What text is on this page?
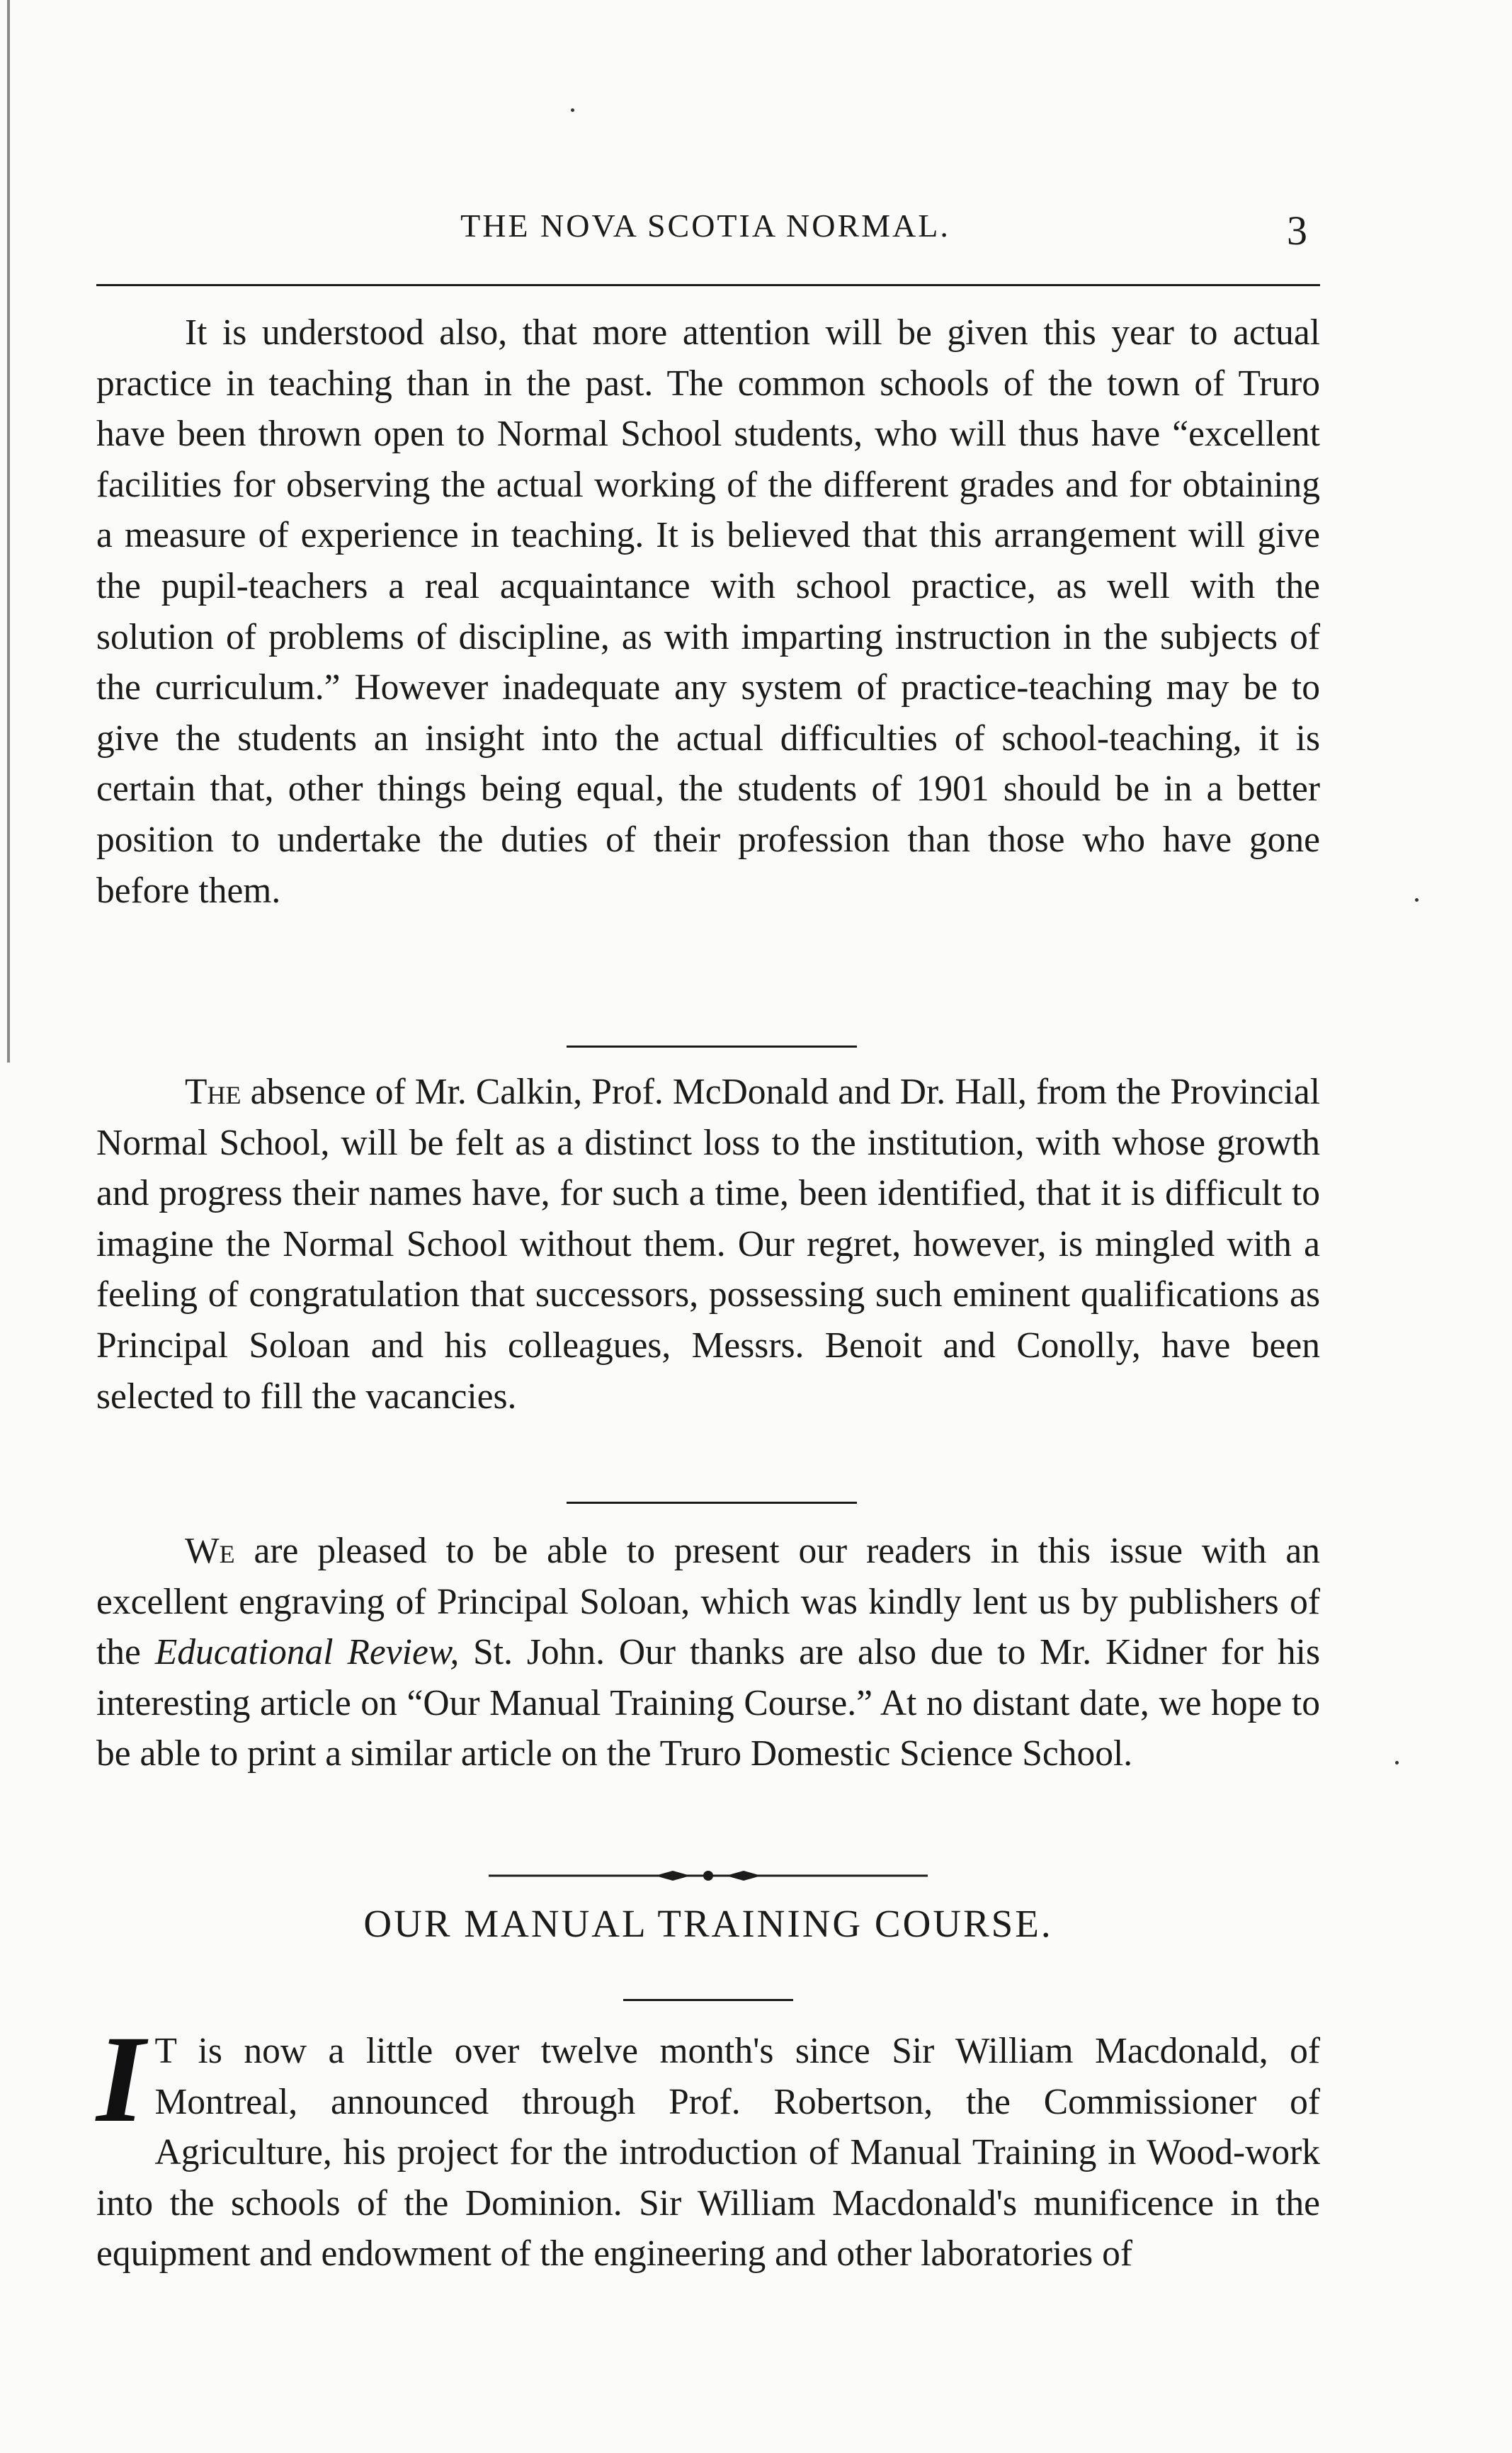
THE NOVA SCOTIA NORMAL.	3

It is understood also, that more attention will be given this year to actual practice in teaching than in the past. The common schools of the town of Truro have been thrown open to Normal School students, who will thus have “excellent facilities for observing the actual working of the different grades and for obtaining a measure of experience in teaching. It is believed that this arrangement will give the pupil-teachers a real acquaintance with school practice, as well with the solution of problems of discipline, as with imparting instruction in the subjects of the curriculum.” However inadequate any system of practice-teaching may be to give the students an insight into the actual difficulties of school-teaching, it is certain that, other things being equal, the students of 1901 should be in a better position to undertake the duties of their profession than those who have gone before them.

The absence of Mr. Calkin, Prof. McDonald and Dr. Hall, from the Provincial Normal School, will be felt as a distinct loss to the institution, with whose growth and progress their names have, for such a time, been identified, that it is difficult to imagine the Normal School without them. Our regret, however, is mingled with a feeling of congratulation that successors, possessing such eminent qualifications as Principal Soloan and his colleagues, Messrs. Benoit and Conolly, have been selected to fill the vacancies.

We are pleased to be able to present our readers in this issue with an excellent engraving of Principal Soloan, which was kindly lent us by publishers of the Educational Review, St. John. Our thanks are also due to Mr. Kidner for his interesting article on “Our Manual Training Course.” At no distant date, we hope to be able to print a similar article on the Truro Domestic Science School.

OUR MANUAL TRAINING COURSE.

I T is now a little over twelve month's since Sir William Macdonald, of Montreal, announced through Prof. Robertson, the Commissioner of Agriculture, his project for the introduction of Manual Training in Wood-work into the schools of the Dominion. Sir William Macdonald's munificence in the equipment and endowment of the engineering and other laboratories of
